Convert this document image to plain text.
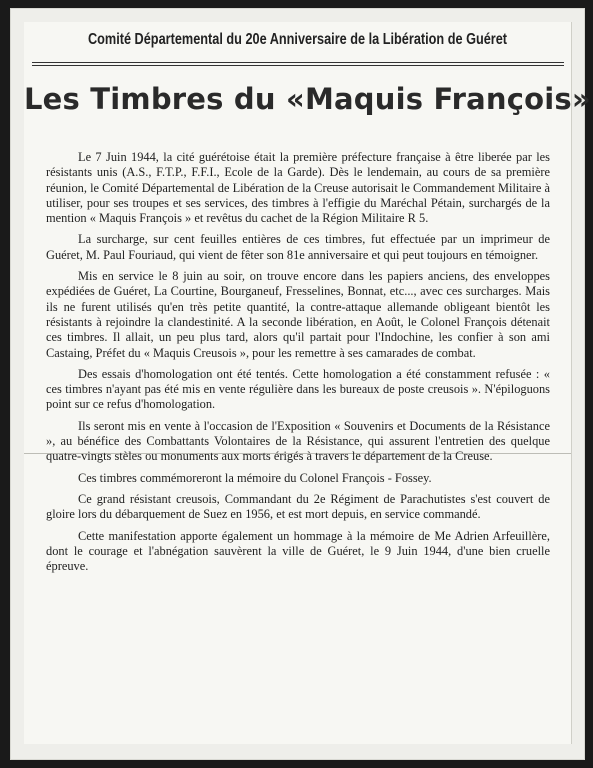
Comité Départemental du 20e Anniversaire de la Libération de Guéret
Les Timbres du «Maquis François»

Le 7 Juin 1944, la cité guérétoise était la première préfecture française à être liberée par les résistants unis (A.S., F.T.P., F.F.I., Ecole de la Garde). Dès le lendemain, au cours de sa première réunion, le Comité Départemental de Libération de la Creuse autorisait le Commandement Militaire à utiliser, pour ses troupes et ses services, des timbres à l'effigie du Maréchal Pétain, surchargés de la mention « Maquis François » et revêtus du cachet de la Région Militaire R 5.

La surcharge, sur cent feuilles entières de ces timbres, fut effectuée par un imprimeur de Guéret, M. Paul Fouriaud, qui vient de fêter son 81e anniversaire et qui peut toujours en témoigner.

Mis en service le 8 juin au soir, on trouve encore dans les papiers anciens, des enveloppes expédiées de Guéret, La Courtine, Bourganeuf, Fresselines, Bonnat, etc..., avec ces surcharges. Mais ils ne furent utilisés qu'en très petite quantité, la contre-attaque allemande obligeant bientôt les résistants à rejoindre la clandestinité. A la seconde libération, en Août, le Colonel François détenait ces timbres. Il allait, un peu plus tard, alors qu'il partait pour l'Indochine, les confier à son ami Castaing, Préfet du « Maquis Creusois », pour les remettre à ses camarades de combat.

Des essais d'homologation ont été tentés. Cette homologation a été constamment refusée : « ces timbres n'ayant pas été mis en vente régulière dans les bureaux de poste creusois ». N'épiloguons point sur ce refus d'homologation.

Ils seront mis en vente à l'occasion de l'Exposition « Souvenirs et Documents de la Résistance », au bénéfice des Combattants Volontaires de la Résistance, qui assurent l'entretien des quelque quatre-vingts stèles ou monuments aux morts érigés à travers le département de la Creuse.

Ces timbres commémoreront la mémoire du Colonel François - Fossey.

Ce grand résistant creusois, Commandant du 2e Régiment de Parachutistes s'est couvert de gloire lors du débarquement de Suez en 1956, et est mort depuis, en service commandé.

Cette manifestation apporte également un hommage à la mémoire de Me Adrien Arfeuillère, dont le courage et l'abnégation sauvèrent la ville de Guéret, le 9 Juin 1944, d'une bien cruelle épreuve.
